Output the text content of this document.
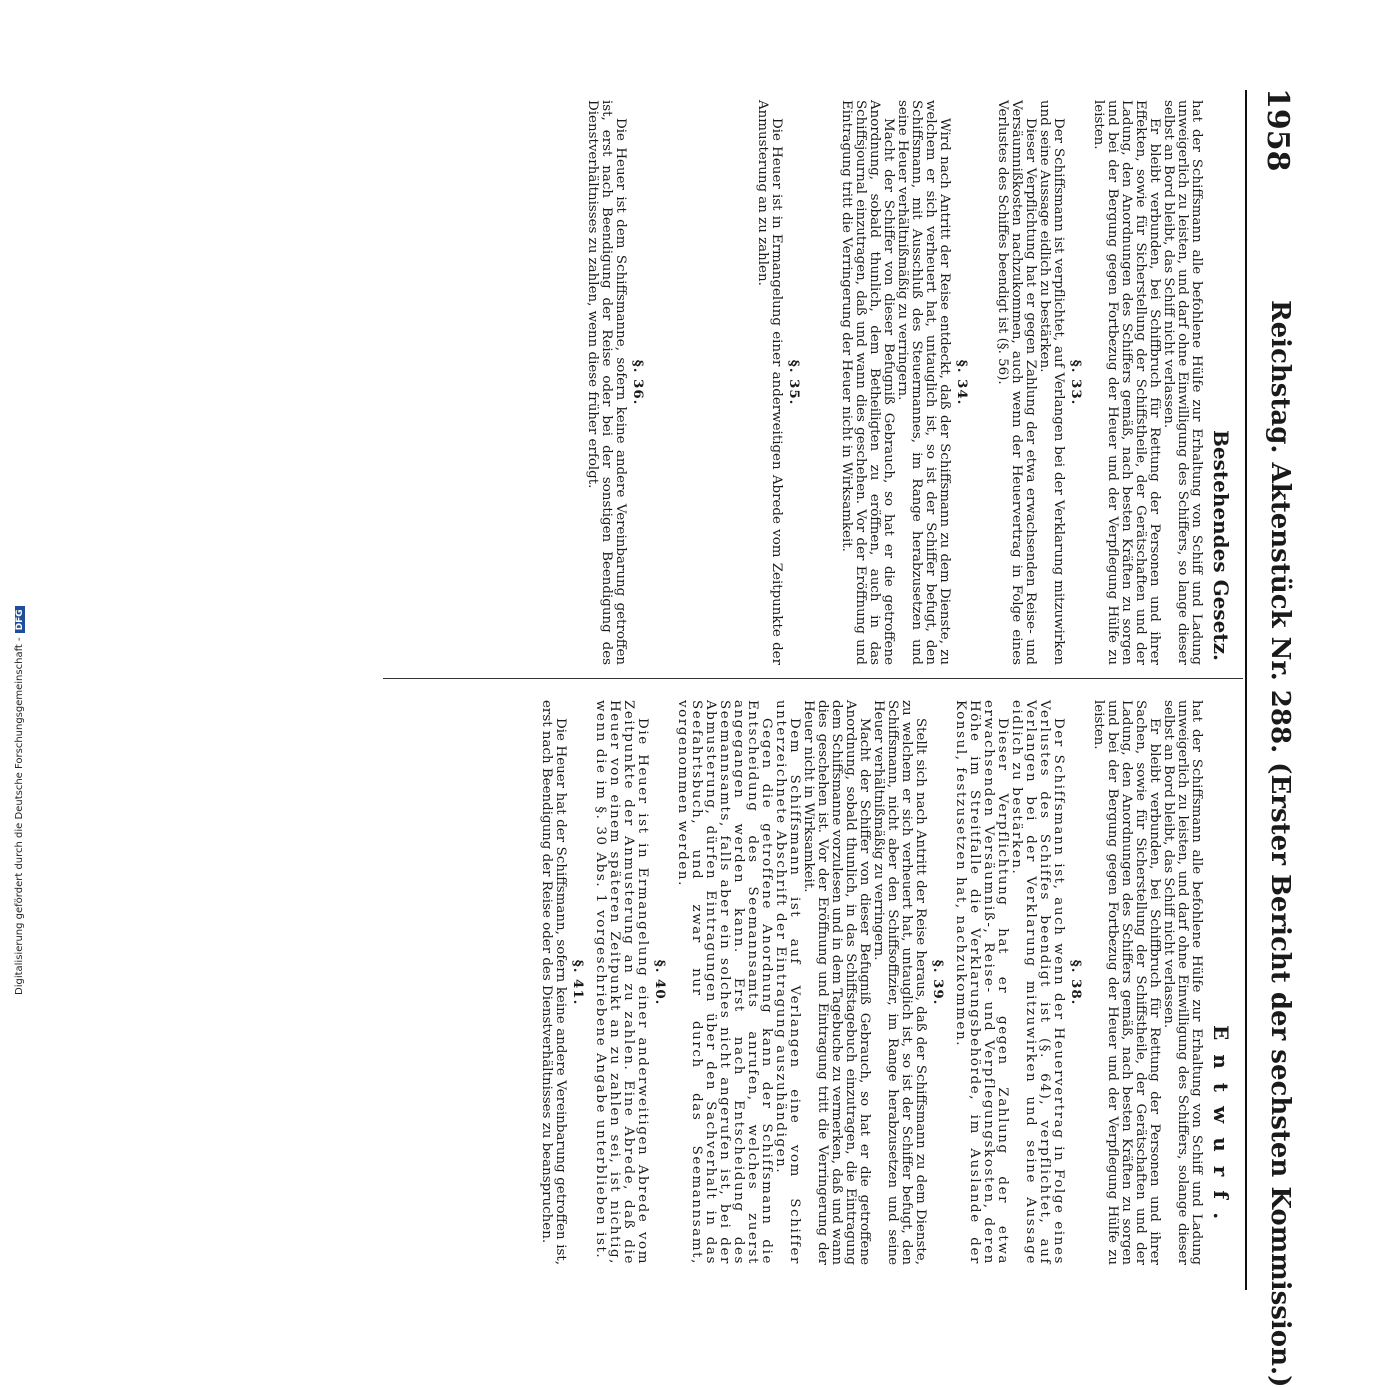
1958
Reichstag. Aktenstück Nr. 288. (Erster Bericht der sechsten Kommission.)
Bestehendes Gesetz.
Entwurf.

hat der Schiffsmann alle befohlene Hülfe zur Erhaltung von Schiff und Ladung unweigerlich zu leisten, und darf ohne Einwilligung des Schiffers, so lange dieser selbst an Bord bleibt, das Schiff nicht verlassen.

Er bleibt verbunden, bei Schiffbruch für Rettung der Personen und ihrer Effekten, sowie für Sicherstellung der Schiffstheile, der Gerätschaften und der Ladung, den Anordnungen des Schiffers gemäß, nach besten Kräften zu sorgen und bei der Bergung gegen Fortbezug der Heuer und der Verpflegung Hülfe zu leisten.

§. 33.

Der Schiffsmann ist verpflichtet, auf Verlangen bei der Verklarung mitzuwirken und seine Aussage eidlich zu bestärken.

Dieser Verpflichtung hat er gegen Zahlung der etwa erwachsenden Reise- und Versäumnißkosten nachzukommen, auch wenn der Heuervertrag in Folge eines Verlustes des Schiffes beendigt ist (§. 56).

§. 34.

Wird nach Antritt der Reise entdeckt, daß der Schiffsmann zu dem Dienste, zu welchem er sich verheuert hat, untauglich ist, so ist der Schiffer befugt, den Schiffsmann, mit Ausschluß des Steuermannes, im Range herabzusetzen und seine Heuer verhältnißmäßig zu verringern.

Macht der Schiffer von dieser Befugniß Gebrauch, so hat er die getroffene Anordnung, sobald thunlich, dem Betheiligten zu eröffnen, auch in das Schiffsjournal einzutragen, daß und wann dies geschehen. Vor der Eröffnung und Eintragung tritt die Verringerung der Heuer nicht in Wirksamkeit.

§. 35.

Die Heuer ist in Ermangelung einer anderweitigen Abrede vom Zeitpunkte der Anmusterung an zu zahlen.

§. 36.

Die Heuer ist dem Schiffsmanne, sofern keine andere Vereinbarung getroffen ist, erst nach Beendigung der Reise oder bei der sonstigen Beendigung des Dienstverhältnisses zu zahlen, wenn diese früher erfolgt.

hat der Schiffsmann alle befohlene Hülfe zur Erhaltung von Schiff und Ladung unweigerlich zu leisten, und darf ohne Einwilligung des Schiffers, solange dieser selbst an Bord bleibt, das Schiff nicht verlassen.

Er bleibt verbunden, bei Schiffbruch für Rettung der Personen und ihrer Sachen, sowie für Sicherstellung der Schiffstheile, der Gerätschaften und der Ladung, den Anordnungen des Schiffers gemäß, nach besten Kräften zu sorgen und bei der Bergung gegen Fortbezug der Heuer und der Verpflegung Hülfe zu leisten.

§. 38.

Der Schiffsmann ist, auch wenn der Heuervertrag in Folge eines Verlustes des Schiffes beendigt ist (§. 64), verpflichtet, auf Verlangen bei der Verklarung mitzuwirken und seine Aussage eidlich zu bestärken.

Dieser Verpflichtung hat er gegen Zahlung der etwa erwachsenden Versäumniß-, Reise- und Verpflegungskosten, deren Höhe im Streitfalle die Verklarungsbehörde, im Auslande der Konsul, festzusetzen hat, nachzukommen.

§. 39.

Stellt sich nach Antritt der Reise heraus, daß der Schiffsmann zu dem Dienste, zu welchem er sich verheuert hat, untauglich ist, so ist der Schiffer befugt, den Schiffsmann, nicht aber den Schiffsoffizier, im Range herabzusetzen und seine Heuer verhältnißmäßig zu verringern.

Macht der Schiffer von dieser Befugniß Gebrauch, so hat er die getroffene Anordnung, sobald thunlich, in das Schiffstagebuch einzutragen, die Eintragung dem Schiffsmanne vorzulesen und in dem Tagebuche zu vermerken, daß und wann dies geschehen ist. Vor der Eröffnung und Eintragung tritt die Verringerung der Heuer nicht in Wirksamkeit.

Dem Schiffsmann ist auf Verlangen eine vom Schiffer unterzeichnete Abschrift der Eintragung auszuhändigen.

Gegen die getroffene Anordnung kann der Schiffsmann die Entscheidung des Seemannsamts anrufen, welches zuerst angegangen werden kann. Erst nach Entscheidung des Seemannsamts, falls aber ein solches nicht angerufen ist, bei der Abmusterung, dürfen Eintragungen über den Sachverhalt in das Seefahrtsbuch, und zwar nur durch das Seemannsamt, vorgenommen werden.

§. 40.

Die Heuer ist in Ermangelung einer anderweitigen Abrede vom Zeitpunkte der Anmusterung an zu zahlen. Eine Abrede, daß die Heuer von einem späteren Zeitpunkt an zu zahlen sei, ist nichtig, wenn die im §. 30 Abs. 1 vorgeschriebene Angabe unterblieben ist.

§. 41.

Die Heuer hat der Schiffsmann, sofern keine andere Vereinbarung getroffen ist, erst nach Beendigung der Reise oder des Dienstverhältnisses zu beanspruchen.

Digitalisierung gefördert durch die Deutsche Forschungsgemeinschaft -DFG
